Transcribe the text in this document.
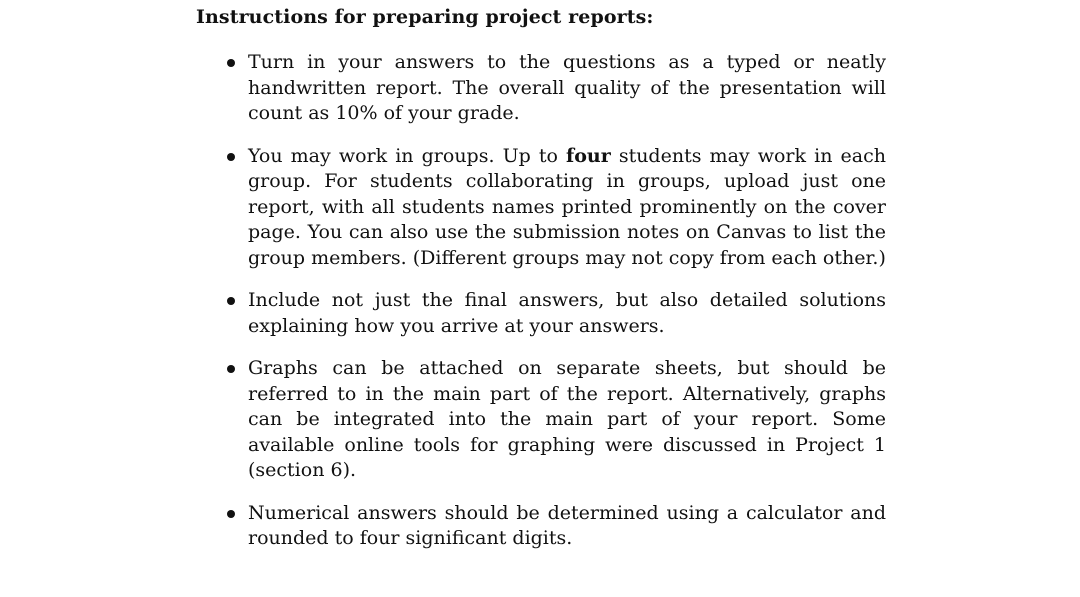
Instructions for preparing project reports:
Turn in your answers to the questions as a typed or neatly handwritten report. The overall quality of the presentation will count as 10% of your grade.
You may work in groups. Up to four students may work in each group. For students collaborating in groups, upload just one report, with all students names printed prominently on the cover page. You can also use the submission notes on Canvas to list the group members. (Different groups may not copy from each other.)
Include not just the final answers, but also detailed solutions explaining how you arrive at your answers.
Graphs can be attached on separate sheets, but should be referred to in the main part of the report. Alternatively, graphs can be integrated into the main part of your report. Some available online tools for graphing were discussed in Project 1 (section 6).
Numerical answers should be determined using a calculator and rounded to four significant digits.
